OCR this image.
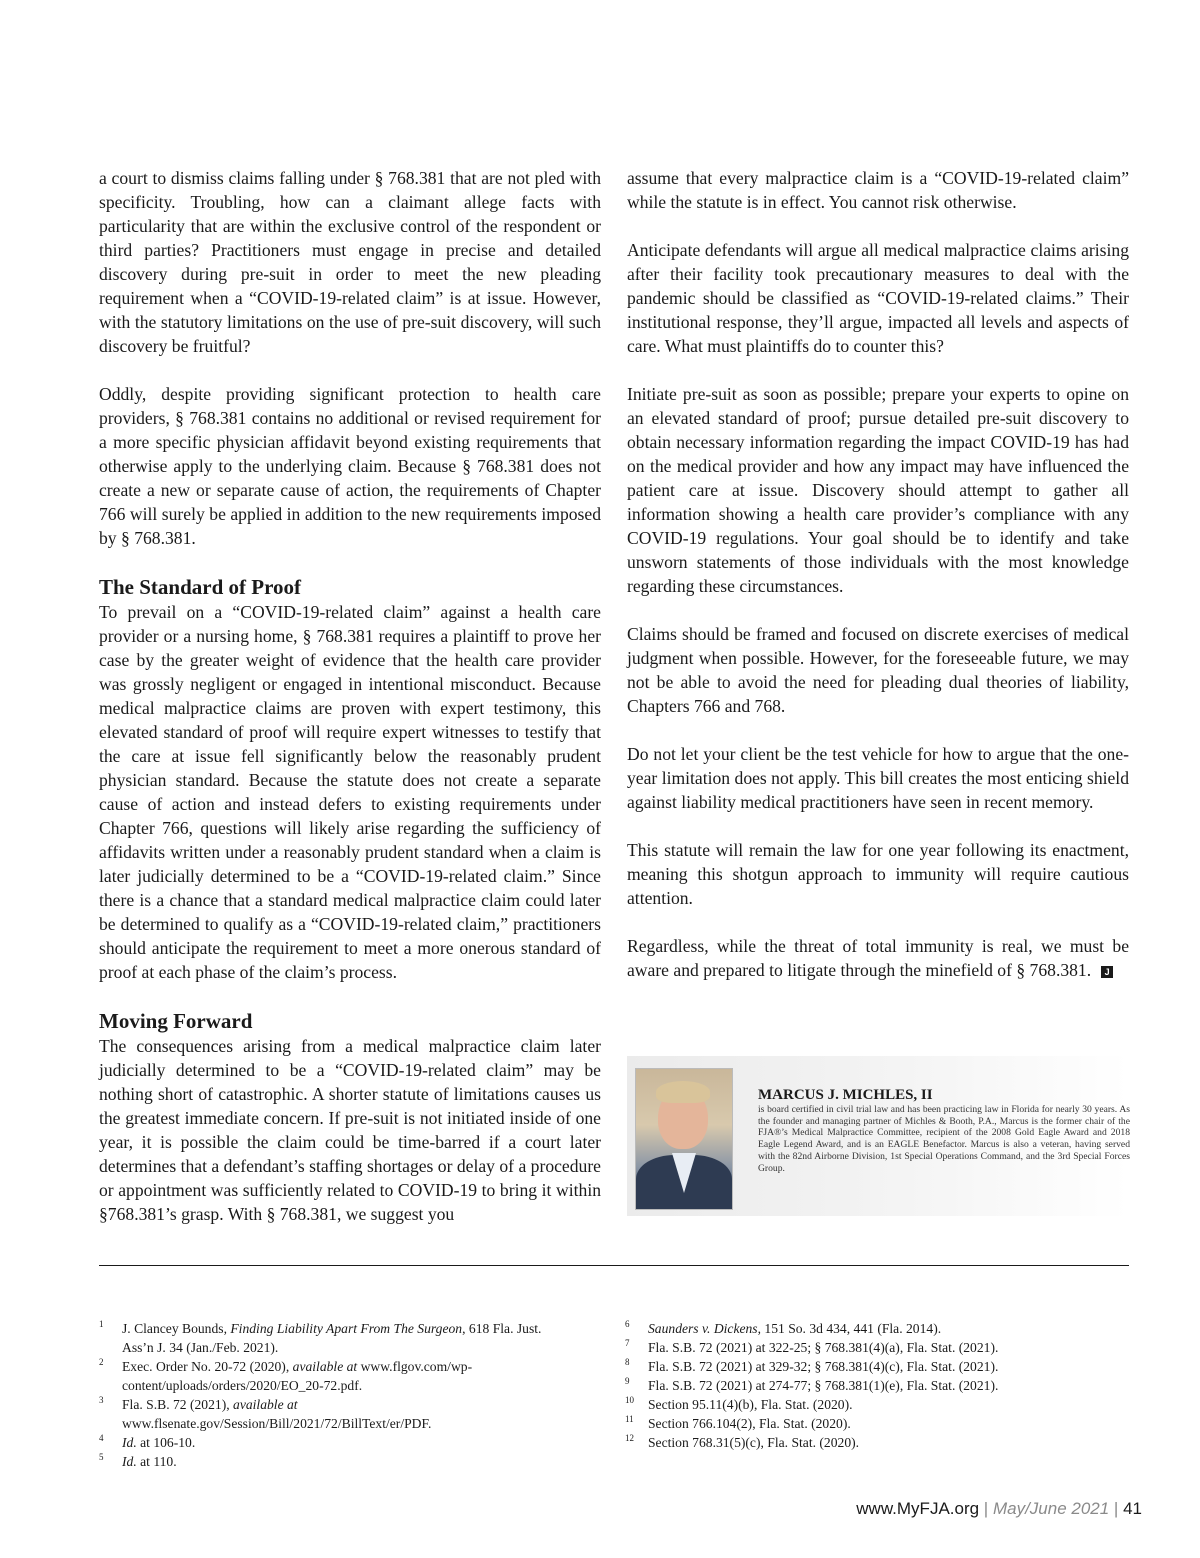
a court to dismiss claims falling under § 768.381 that are not pled with specificity. Troubling, how can a claimant allege facts with particularity that are within the exclusive control of the respondent or third parties? Practitioners must engage in precise and detailed discovery during pre-suit in order to meet the new pleading requirement when a “COVID-19-related claim” is at issue. However, with the statutory limitations on the use of pre-suit discovery, will such discovery be fruitful?

Oddly, despite providing significant protection to health care providers, § 768.381 contains no additional or revised requirement for a more specific physician affidavit beyond existing requirements that otherwise apply to the underlying claim. Because § 768.381 does not create a new or separate cause of action, the requirements of Chapter 766 will surely be applied in addition to the new requirements imposed by § 768.381.

The Standard of Proof

To prevail on a “COVID-19-related claim” against a health care provider or a nursing home, § 768.381 requires a plaintiff to prove her case by the greater weight of evidence that the health care provider was grossly negligent or engaged in intentional misconduct. Because medical malpractice claims are proven with expert testimony, this elevated standard of proof will require expert witnesses to testify that the care at issue fell significantly below the reasonably prudent physician standard. Because the statute does not create a separate cause of action and instead defers to existing requirements under Chapter 766, questions will likely arise regarding the sufficiency of affidavits written under a reasonably prudent standard when a claim is later judicially determined to be a “COVID-19-related claim.” Since there is a chance that a standard medical malpractice claim could later be determined to qualify as a “COVID-19-related claim,” practitioners should anticipate the requirement to meet a more onerous standard of proof at each phase of the claim’s process.

Moving Forward

The consequences arising from a medical malpractice claim later judicially determined to be a “COVID-19-related claim” may be nothing short of catastrophic. A shorter statute of limitations causes us the greatest immediate concern. If pre-suit is not initiated inside of one year, it is possible the claim could be time-barred if a court later determines that a defendant’s staffing shortages or delay of a procedure or appointment was sufficiently related to COVID-19 to bring it within §768.381’s grasp. With § 768.381, we suggest you

assume that every malpractice claim is a “COVID-19-related claim” while the statute is in effect. You cannot risk otherwise.

Anticipate defendants will argue all medical malpractice claims arising after their facility took precautionary measures to deal with the pandemic should be classified as “COVID-19-related claims.” Their institutional response, they’ll argue, impacted all levels and aspects of care. What must plaintiffs do to counter this?

Initiate pre-suit as soon as possible; prepare your experts to opine on an elevated standard of proof; pursue detailed pre-suit discovery to obtain necessary information regarding the impact COVID-19 has had on the medical provider and how any impact may have influenced the patient care at issue. Discovery should attempt to gather all information showing a health care provider’s compliance with any COVID-19 regulations. Your goal should be to identify and take unsworn statements of those individuals with the most knowledge regarding these circumstances.

Claims should be framed and focused on discrete exercises of medical judgment when possible. However, for the foreseeable future, we may not be able to avoid the need for pleading dual theories of liability, Chapters 766 and 768.

Do not let your client be the test vehicle for how to argue that the one-year limitation does not apply. This bill creates the most enticing shield against liability medical practitioners have seen in recent memory.

This statute will remain the law for one year following its enactment, meaning this shotgun approach to immunity will require cautious attention.

Regardless, while the threat of total immunity is real, we must be aware and prepared to litigate through the minefield of § 768.381. J

MARCUS J. MICHLES, II

is board certified in civil trial law and has been practicing law in Florida for nearly 30 years. As the founder and managing partner of Michles & Booth, P.A., Marcus is the former chair of the FJA®’s Medical Malpractice Committee, recipient of the 2008 Gold Eagle Award and 2018 Eagle Legend Award, and is an EAGLE Benefactor. Marcus is also a veteran, having served with the 82nd Airborne Division, 1st Special Operations Command, and the 3rd Special Forces Group.

1 J. Clancey Bounds, Finding Liability Apart From The Surgeon, 618 Fla. Just. Ass’n J. 34 (Jan./Feb. 2021).
2 Exec. Order No. 20-72 (2020), available at www.flgov.com/wp-content/uploads/orders/2020/EO_20-72.pdf.
3 Fla. S.B. 72 (2021), available at www.flsenate.gov/Session/Bill/2021/72/BillText/er/PDF.
4 Id. at 106-10.
5 Id. at 110.
6 Saunders v. Dickens, 151 So. 3d 434, 441 (Fla. 2014).
7 Fla. S.B. 72 (2021) at 322-25; § 768.381(4)(a), Fla. Stat. (2021).
8 Fla. S.B. 72 (2021) at 329-32; § 768.381(4)(c), Fla. Stat. (2021).
9 Fla. S.B. 72 (2021) at 274-77; § 768.381(1)(e), Fla. Stat. (2021).
10 Section 95.11(4)(b), Fla. Stat. (2020).
11 Section 766.104(2), Fla. Stat. (2020).
12 Section 768.31(5)(c), Fla. Stat. (2020).
www.MyFJA.org | May/June 2021 | 41
